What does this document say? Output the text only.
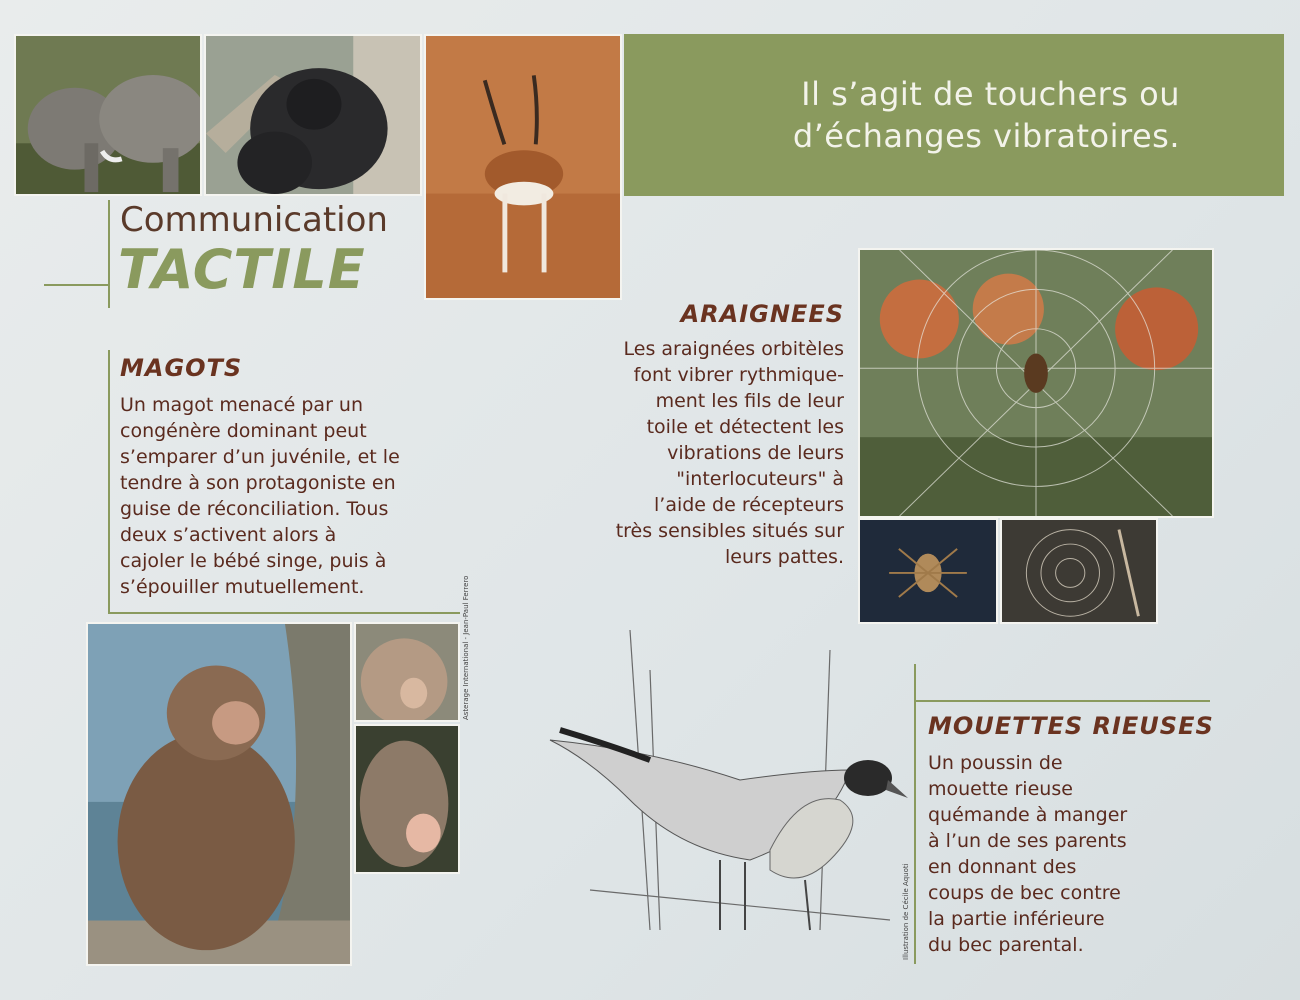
Il s’agit de touchers ou
d’échanges vibratoires.
Communication
TACTILE
MAGOTS
Un magot menacé par un
congénère dominant peut
s’emparer d’un juvénile, et le
tendre à son protagoniste en
guise de réconciliation. Tous
deux s’activent alors à
cajoler le bébé singe, puis à
s’épouiller mutuellement.	Asterage International - Jean-Paul Ferrero
ARAIGNEES
Les araignées orbitèles
font vibrer rythmique-
ment les fils de leur
toile et détectent les
vibrations de leurs
"interlocuteurs" à
l’aide de récepteurs
très sensibles situés sur
leurs pattes.
MOUETTES RIEUSES
Un poussin de
mouette rieuse
quémande à manger
à l’un de ses parents
en donnant des
coups de bec contre
la partie inférieure
du bec parental.
Illustration de Cécile Aquoti
